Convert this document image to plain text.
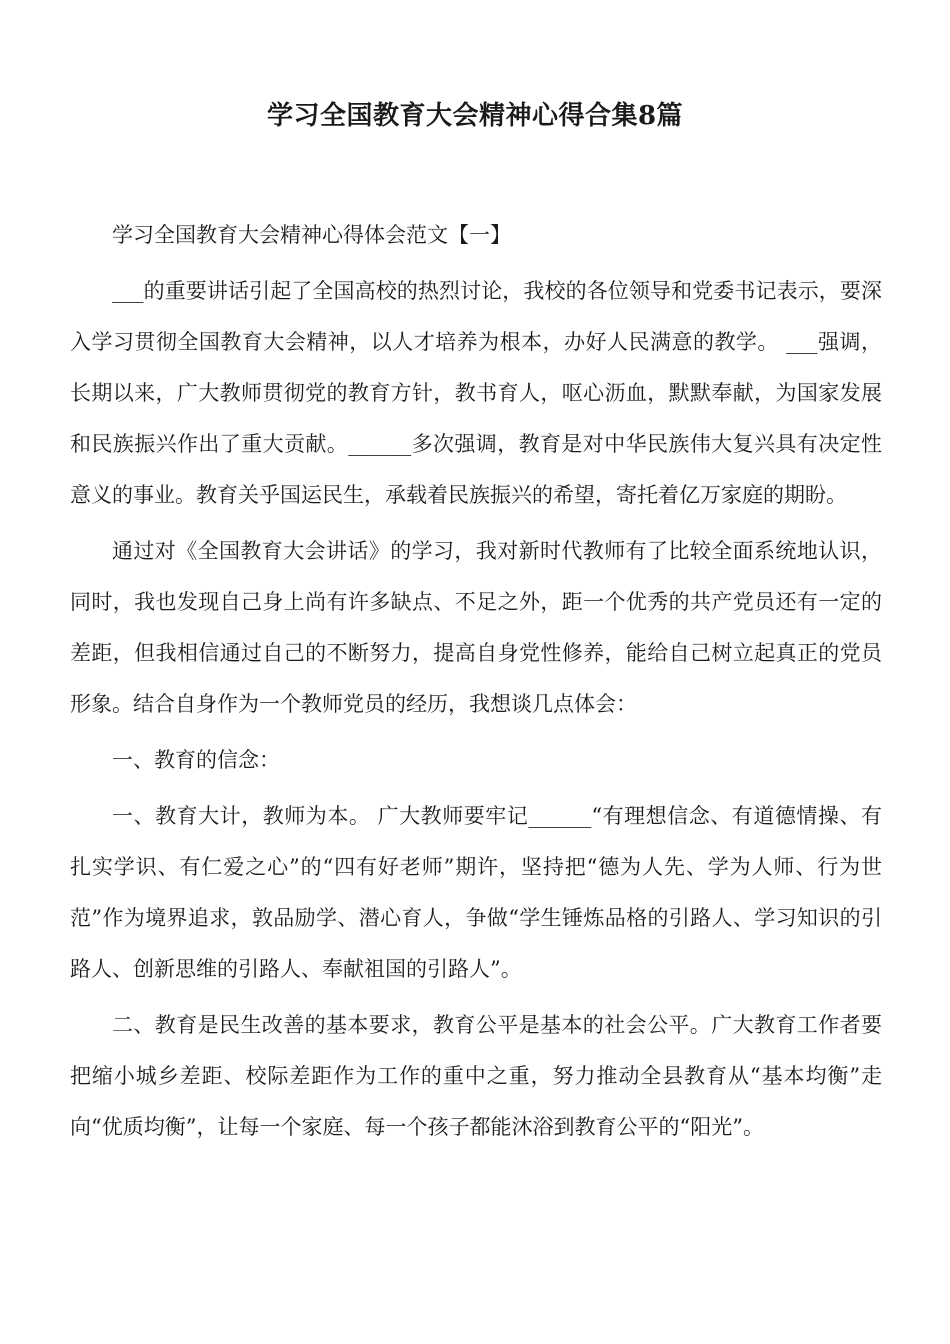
学习全国教育大会精神心得合集8篇

学习全国教育大会精神心得体会范文【一】

___的重要讲话引起了全国高校的热烈讨论，我校的各位领导和党委书记表示，要深入学习贯彻全国教育大会精神，以人才培养为根本，办好人民满意的教学。 ___强调，长期以来，广大教师贯彻党的教育方针，教书育人，呕心沥血，默默奉献，为国家发展和民族振兴作出了重大贡献。______多次强调，教育是对中华民族伟大复兴具有决定性意义的事业。教育关乎国运民生，承载着民族振兴的希望，寄托着亿万家庭的期盼。

通过对《全国教育大会讲话》的学习，我对新时代教师有了比较全面系统地认识，同时，我也发现自己身上尚有许多缺点、不足之外，距一个优秀的共产党员还有一定的差距，但我相信通过自己的不断努力，提高自身党性修养，能给自己树立起真正的党员形象。结合自身作为一个教师党员的经历，我想谈几点体会：

一、教育的信念：

一、教育大计，教师为本。 广大教师要牢记______“有理想信念、有道德情操、有扎实学识、有仁爱之心”的“四有好老师”期许，坚持把“德为人先、学为人师、行为世范”作为境界追求，敦品励学、潜心育人，争做“学生锤炼品格的引路人、学习知识的引路人、创新思维的引路人、奉献祖国的引路人”。

二、教育是民生改善的基本要求，教育公平是基本的社会公平。广大教育工作者要把缩小城乡差距、校际差距作为工作的重中之重，努力推动全县教育从“基本均衡”走向“优质均衡”，让每一个家庭、每一个孩子都能沐浴到教育公平的“阳光”。
